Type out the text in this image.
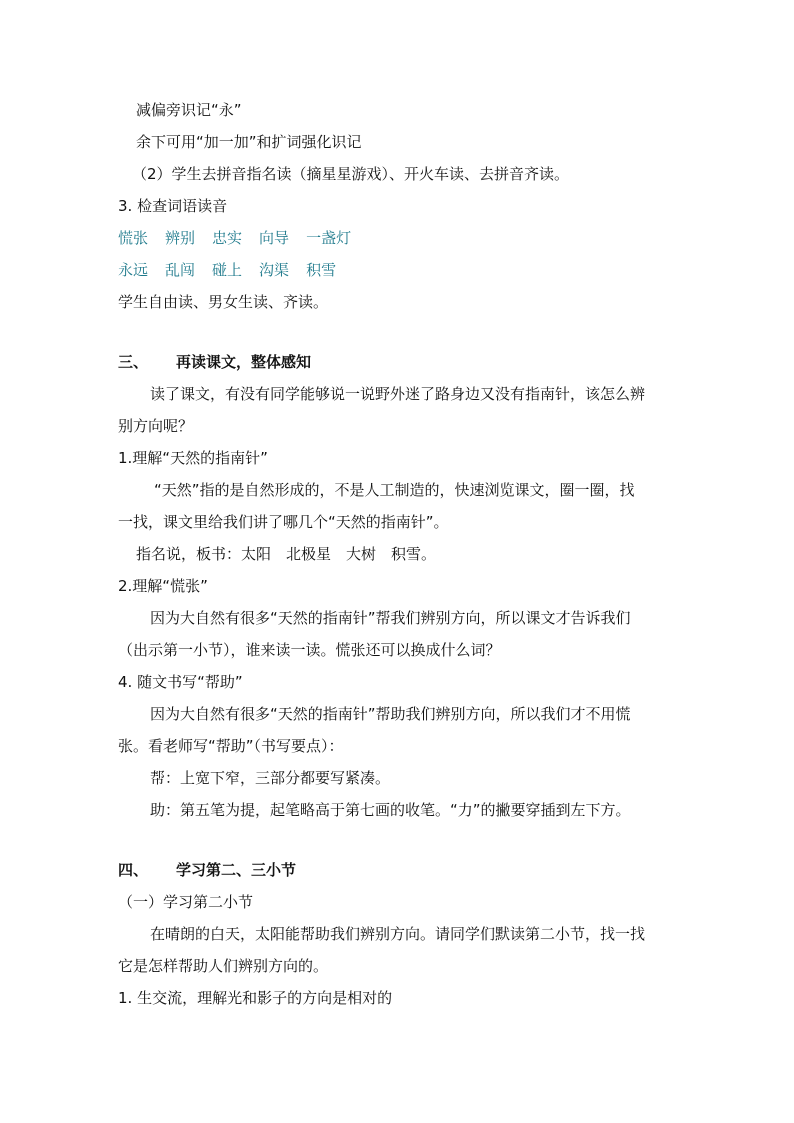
减偏旁识记“永”
余下可用“加一加”和扩词强化识记
（2）学生去拼音指名读（摘星星游戏）、开火车读、去拼音齐读。
3. 检查词语读音
慌张 辨别 忠实 向导 一盏灯
永远 乱闯 碰上 沟渠 积雪
学生自由读、男女生读、齐读。
三、 再读课文，整体感知
读了课文，有没有同学能够说一说野外迷了路身边又没有指南针，该怎么辨
别方向呢？
1.理解“天然的指南针”
“天然”指的是自然形成的，不是人工制造的，快速浏览课文，圈一圈，找
一找，课文里给我们讲了哪几个“天然的指南针”。
指名说，板书：太阳　北极星　大树　积雪。
2.理解“慌张”
因为大自然有很多“天然的指南针”帮我们辨别方向，所以课文才告诉我们
（出示第一小节），谁来读一读。慌张还可以换成什么词？
4. 随文书写“帮助”
因为大自然有很多“天然的指南针”帮助我们辨别方向，所以我们才不用慌
张。看老师写“帮助”（书写要点）：
帮：上宽下窄，三部分都要写紧凑。
助：第五笔为提，起笔略高于第七画的收笔。“力”的撇要穿插到左下方。
四、 学习第二、三小节
（一）学习第二小节
在晴朗的白天，太阳能帮助我们辨别方向。请同学们默读第二小节，找一找
它是怎样帮助人们辨别方向的。
1. 生交流，理解光和影子的方向是相对的
